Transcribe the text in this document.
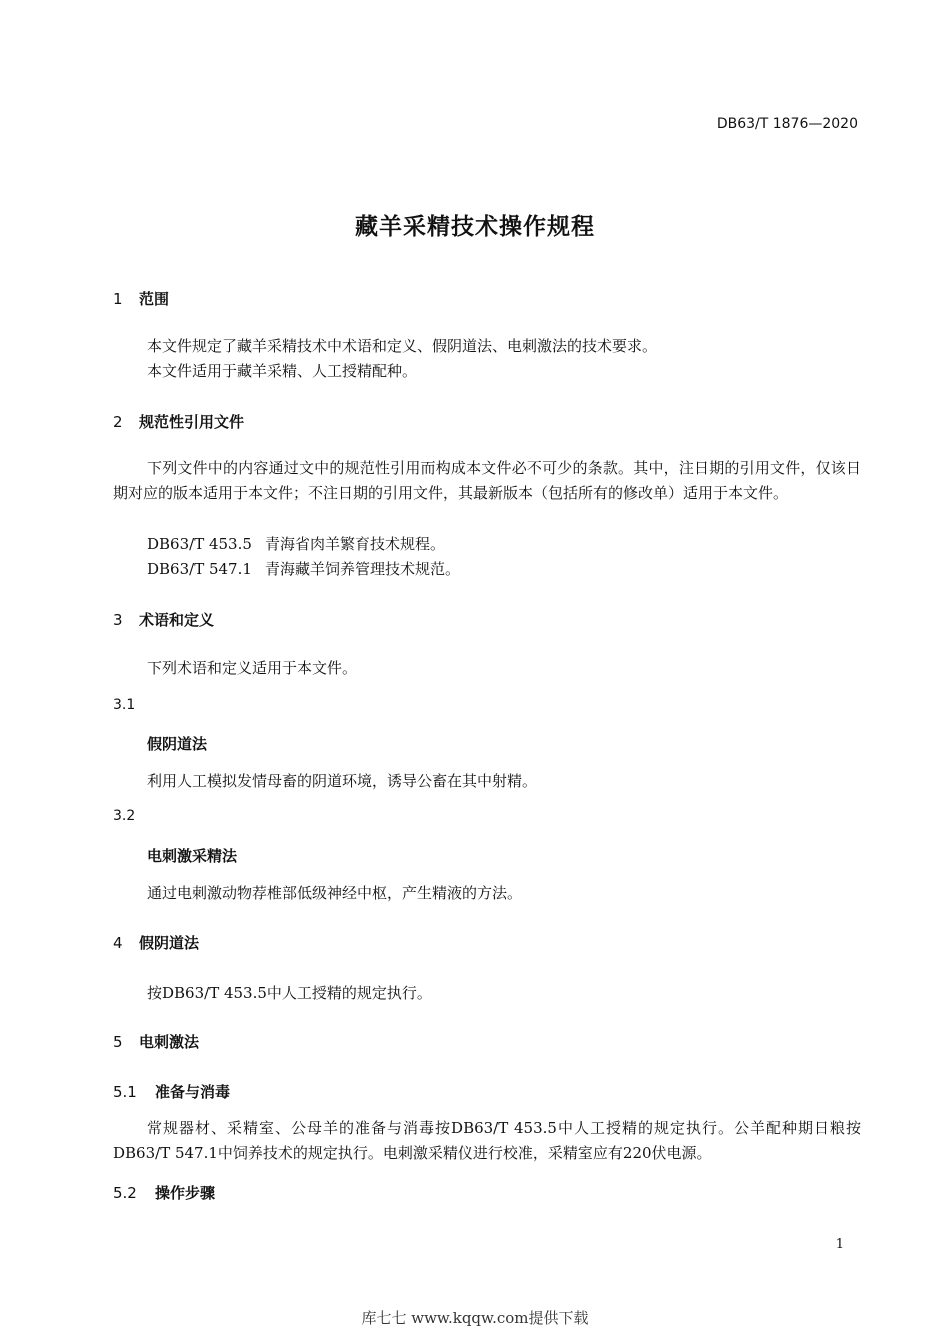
DB63/T 1876—2020
藏羊采精技术操作规程
1 范围
本文件规定了藏羊采精技术中术语和定义、假阴道法、电刺激法的技术要求。
本文件适用于藏羊采精、人工授精配种。
2 规范性引用文件
下列文件中的内容通过文中的规范性引用而构成本文件必不可少的条款。其中，注日期的引用文件，仅该日期对应的版本适用于本文件；不注日期的引用文件，其最新版本（包括所有的修改单）适用于本文件。
DB63/T 453.5 青海省肉羊繁育技术规程。
DB63/T 547.1 青海藏羊饲养管理技术规范。
3 术语和定义
下列术语和定义适用于本文件。
3.1
假阴道法
利用人工模拟发情母畜的阴道环境，诱导公畜在其中射精。
3.2
电刺激采精法
通过电刺激动物荐椎部低级神经中枢，产生精液的方法。
4 假阴道法
按DB63/T 453.5中人工授精的规定执行。
5 电刺激法
5.1 准备与消毒
常规器材、采精室、公母羊的准备与消毒按DB63/T 453.5中人工授精的规定执行。公羊配种期日粮按DB63/T 547.1中饲养技术的规定执行。电刺激采精仪进行校准，采精室应有220伏电源。
5.2 操作步骤
1
库七七 www.kqqw.com提供下载
